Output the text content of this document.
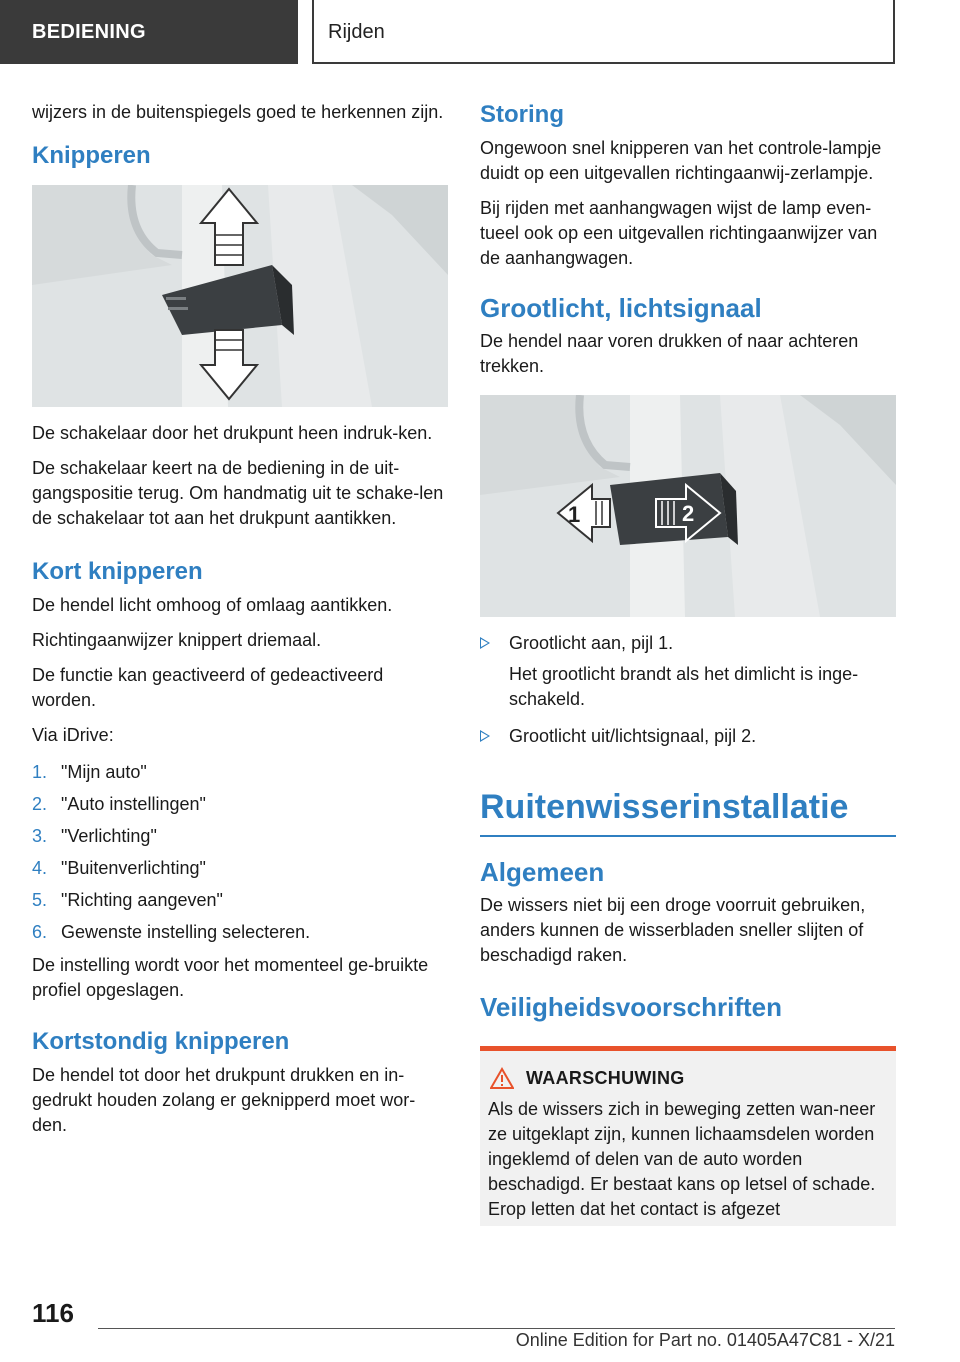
BEDIENING	Rijden

wijzers in de buitenspiegels goed te herkennen zijn.

Knipperen

De schakelaar door het drukpunt heen indruk-ken.

De schakelaar keert na de bediening in de uit-gangspositie terug. Om handmatig uit te schake-len de schakelaar tot aan het drukpunt aantikken.

Kort knipperen

De hendel licht omhoog of omlaag aantikken.

Richtingaanwijzer knippert driemaal.

De functie kan geactiveerd of gedeactiveerd worden.

Via iDrive:

1. "Mijn auto"
2. "Auto instellingen"
3. "Verlichting"
4. "Buitenverlichting"
5. "Richting aangeven"
6. Gewenste instelling selecteren.

De instelling wordt voor het momenteel ge-bruikte profiel opgeslagen.

Kortstondig knipperen

De hendel tot door het drukpunt drukken en in-gedrukt houden zolang er geknipperd moet wor-den.

Storing

Ongewoon snel knipperen van het controle-lampje duidt op een uitgevallen richtingaanwij-zerlampje.

Bij rijden met aanhangwagen wijst de lamp even-tueel ook op een uitgevallen richtingaanwijzer van de aanhangwagen.

Grootlicht, lichtsignaal

De hendel naar voren drukken of naar achteren trekken.

1	2
Grootlicht aan, pijl 1.
Het grootlicht brandt als het dimlicht is inge-schakeld.
Grootlicht uit/lichtsignaal, pijl 2.
Ruitenwisserinstallatie
Algemeen

De wissers niet bij een droge voorruit gebruiken, anders kunnen de wisserbladen sneller slijten of beschadigd raken.

Veiligheidsvoorschriften
WAARSCHUWING

Als de wissers zich in beweging zetten wan-neer ze uitgeklapt zijn, kunnen lichaamsdelen worden ingeklemd of delen van de auto worden beschadigd. Er bestaat kans op letsel of schade. Erop letten dat het contact is afgezet

116
Online Edition for Part no. 01405A47C81 - X/21
